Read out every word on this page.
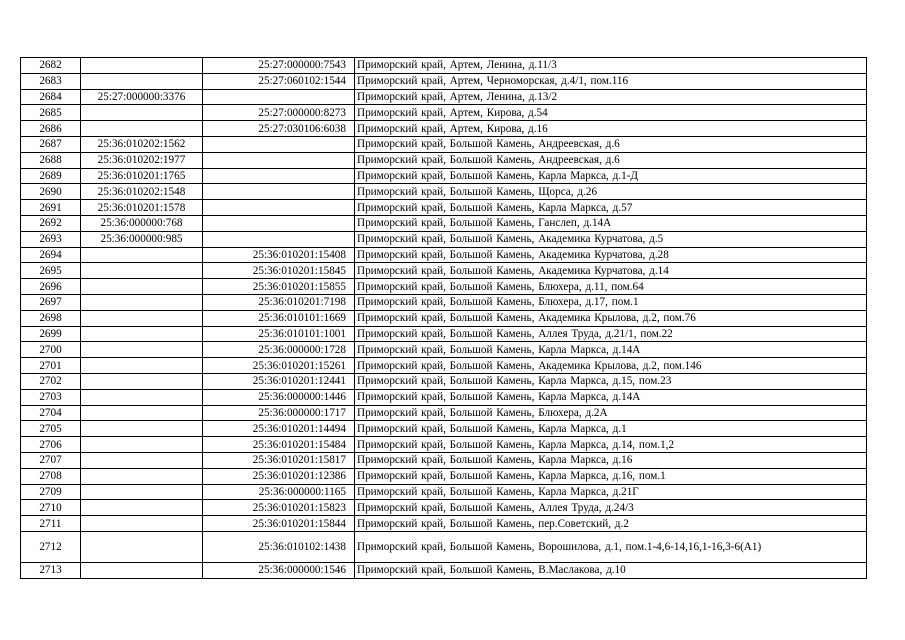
2682		25:27:000000:7543	Приморский край, Артем, Ленина, д.11/3
2683		25:27:060102:1544	Приморский край, Артем, Черноморская, д.4/1, пом.116
2684	25:27:000000:3376		Приморский край, Артем, Ленина, д.13/2
2685		25:27:000000:8273	Приморский край, Артем, Кирова, д.54
2686		25:27:030106:6038	Приморский край, Артем, Кирова, д.16
2687	25:36:010202:1562		Приморский край, Большой Камень, Андреевская, д.6
2688	25:36:010202:1977		Приморский край, Большой Камень, Андреевская, д.6
2689	25:36:010201:1765		Приморский край, Большой Камень, Карла Маркса, д.1-Д
2690	25:36:010202:1548		Приморский край, Большой Камень, Щорса, д.26
2691	25:36:010201:1578		Приморский край, Большой Камень, Карла Маркса, д.57
2692	25:36:000000:768		Приморский край, Большой Камень, Ганслеп, д.14А
2693	25:36:000000:985		Приморский край, Большой Камень, Академика Курчатова, д.5
2694		25:36:010201:15408	Приморский край, Большой Камень, Академика Курчатова, д.28
2695		25:36:010201:15845	Приморский край, Большой Камень, Академика Курчатова, д.14
2696		25:36:010201:15855	Приморский край, Большой Камень, Блюхера, д.11, пом.64
2697		25:36:010201:7198	Приморский край, Большой Камень, Блюхера, д.17, пом.1
2698		25:36:010101:1669	Приморский край, Большой Камень, Академика Крылова, д.2, пом.76
2699		25:36:010101:1001	Приморский край, Большой Камень, Аллея Труда, д.21/1, пом.22
2700		25:36:000000:1728	Приморский край, Большой Камень, Карла Маркса, д.14А
2701		25:36:010201:15261	Приморский край, Большой Камень, Академика Крылова, д.2, пом.146
2702		25:36:010201:12441	Приморский край, Большой Камень, Карла Маркса, д.15, пом.23
2703		25:36:000000:1446	Приморский край, Большой Камень, Карла Маркса, д.14А
2704		25:36:000000:1717	Приморский край, Большой Камень, Блюхера, д.2А
2705		25:36:010201:14494	Приморский край, Большой Камень, Карла Маркса, д.1
2706		25:36:010201:15484	Приморский край, Большой Камень, Карла Маркса, д.14, пом.1,2
2707		25:36:010201:15817	Приморский край, Большой Камень, Карла Маркса, д.16
2708		25:36:010201:12386	Приморский край, Большой Камень, Карла Маркса, д.16, пом.1
2709		25:36:000000:1165	Приморский край, Большой Камень, Карла Маркса, д.21Г
2710		25:36:010201:15823	Приморский край, Большой Камень, Аллея Труда, д.24/3
2711		25:36:010201:15844	Приморский край, Большой Камень, пер.Советский, д.2
2712		25:36:010102:1438	Приморский край, Большой Камень, Ворошилова, д.1, пом.1-4,6-14,16,1-16,3-6(А1)
2713		25:36:000000:1546	Приморский край, Большой Камень, В.Маслакова, д.10
